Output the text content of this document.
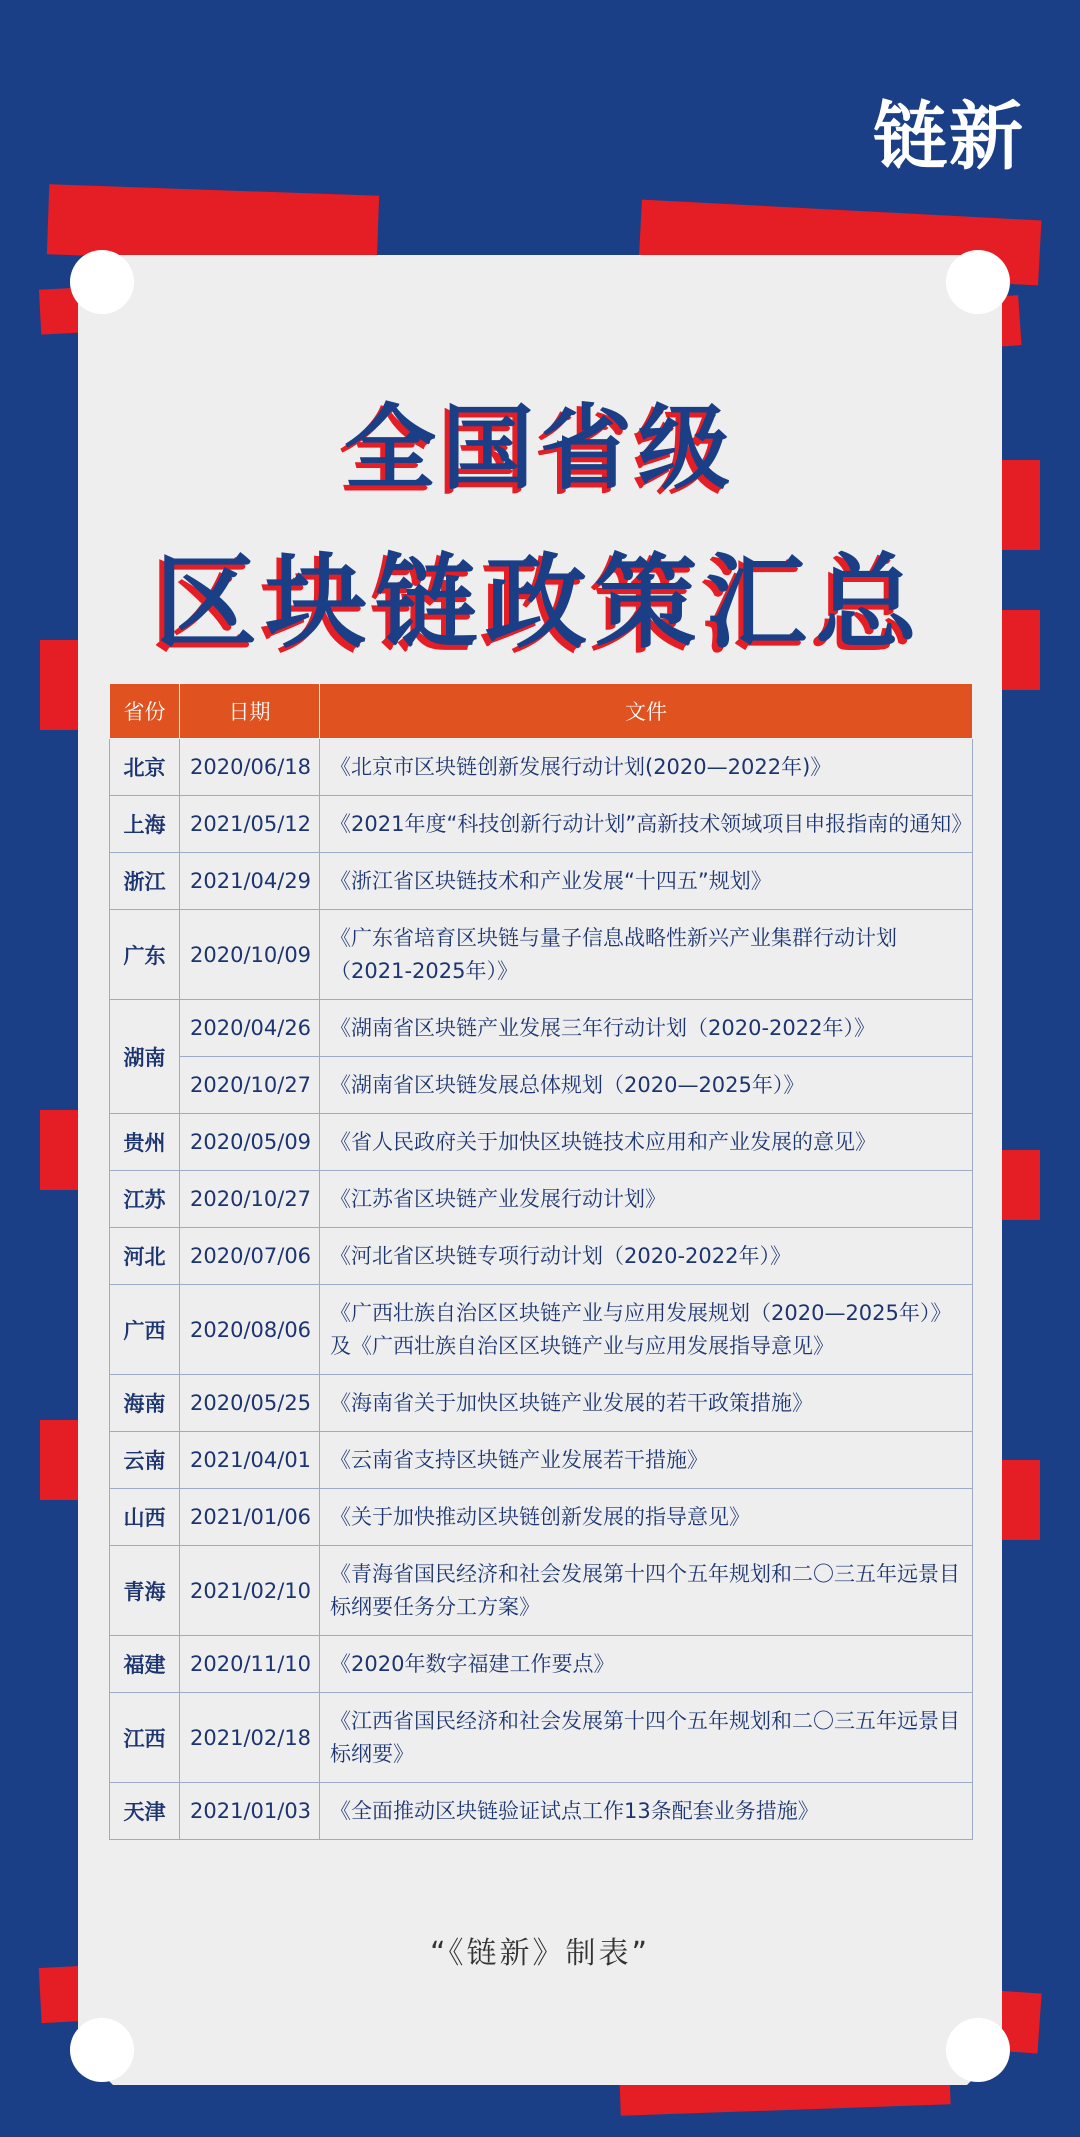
链新
全国省级
区块链政策汇总
省份	日期	文件
北京	2020/06/18	《北京市区块链创新发展行动计划(2020—2022年)》
上海	2021/05/12	《2021年度“科技创新行动计划”高新技术领域项目申报指南的通知》
浙江	2021/04/29	《浙江省区块链技术和产业发展“十四五”规划》
广东	2020/10/09	《广东省培育区块链与量子信息战略性新兴产业集群行动计划（2021-2025年）》
湖南	2020/04/26	《湖南省区块链产业发展三年行动计划（2020-2022年）》
	2020/10/27	《湖南省区块链发展总体规划（2020—2025年）》
贵州	2020/05/09	《省人民政府关于加快区块链技术应用和产业发展的意见》
江苏	2020/10/27	《江苏省区块链产业发展行动计划》
河北	2020/07/06	《河北省区块链专项行动计划（2020-2022年）》
广西	2020/08/06	《广西壮族自治区区块链产业与应用发展规划（2020—2025年）》及《广西壮族自治区区块链产业与应用发展指导意见》
海南	2020/05/25	《海南省关于加快区块链产业发展的若干政策措施》
云南	2021/04/01	《云南省支持区块链产业发展若干措施》
山西	2021/01/06	《关于加快推动区块链创新发展的指导意见》
青海	2021/02/10	《青海省国民经济和社会发展第十四个五年规划和二〇三五年远景目标纲要任务分工方案》
福建	2020/11/10	《2020年数字福建工作要点》
江西	2021/02/18	《江西省国民经济和社会发展第十四个五年规划和二〇三五年远景目标纲要》
天津	2021/01/03	《全面推动区块链验证试点工作13条配套业务措施》
“《链新》制表”
